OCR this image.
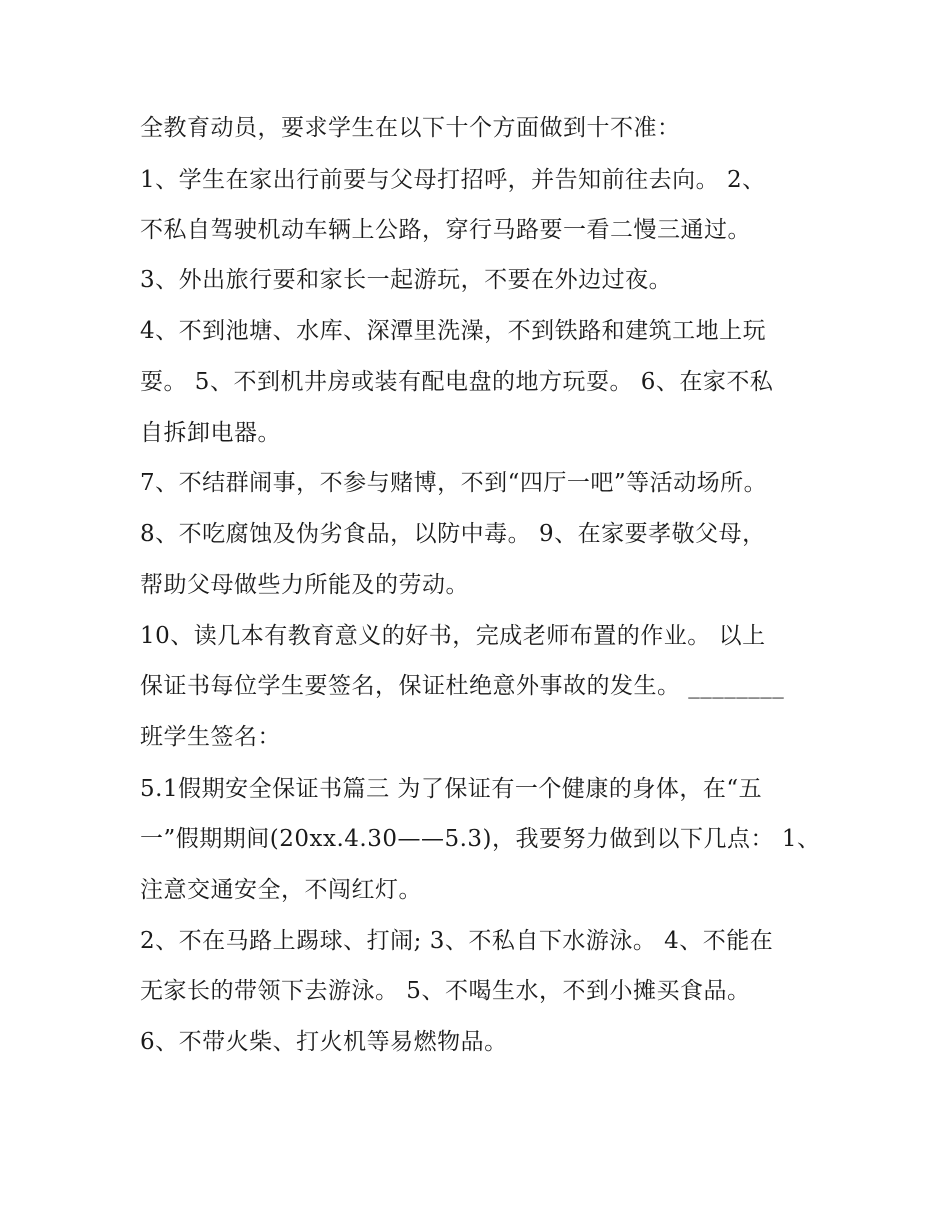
全教育动员，要求学生在以下十个方面做到十不准：
1、学生在家出行前要与父母打招呼，并告知前往去向。 2、
不私自驾驶机动车辆上公路，穿行马路要一看二慢三通过。
3、外出旅行要和家长一起游玩，不要在外边过夜。
4、不到池塘、水库、深潭里洗澡，不到铁路和建筑工地上玩
耍。 5、不到机井房或装有配电盘的地方玩耍。 6、在家不私
自拆卸电器。
7、不结群闹事，不参与赌博，不到“四厅一吧”等活动场所。
8、不吃腐蚀及伪劣食品，以防中毒。 9、在家要孝敬父母，
帮助父母做些力所能及的劳动。
10、读几本有教育意义的好书，完成老师布置的作业。 以上
保证书每位学生要签名，保证杜绝意外事故的发生。 ________
班学生签名：
5.1假期安全保证书篇三 为了保证有一个健康的身体，在“五
一”假期期间(20xx.4.30——5.3)，我要努力做到以下几点： 1、
注意交通安全，不闯红灯。
2、不在马路上踢球、打闹; 3、不私自下水游泳。 4、不能在
无家长的带领下去游泳。 5、不喝生水，不到小摊买食品。
6、不带火柴、打火机等易燃物品。
